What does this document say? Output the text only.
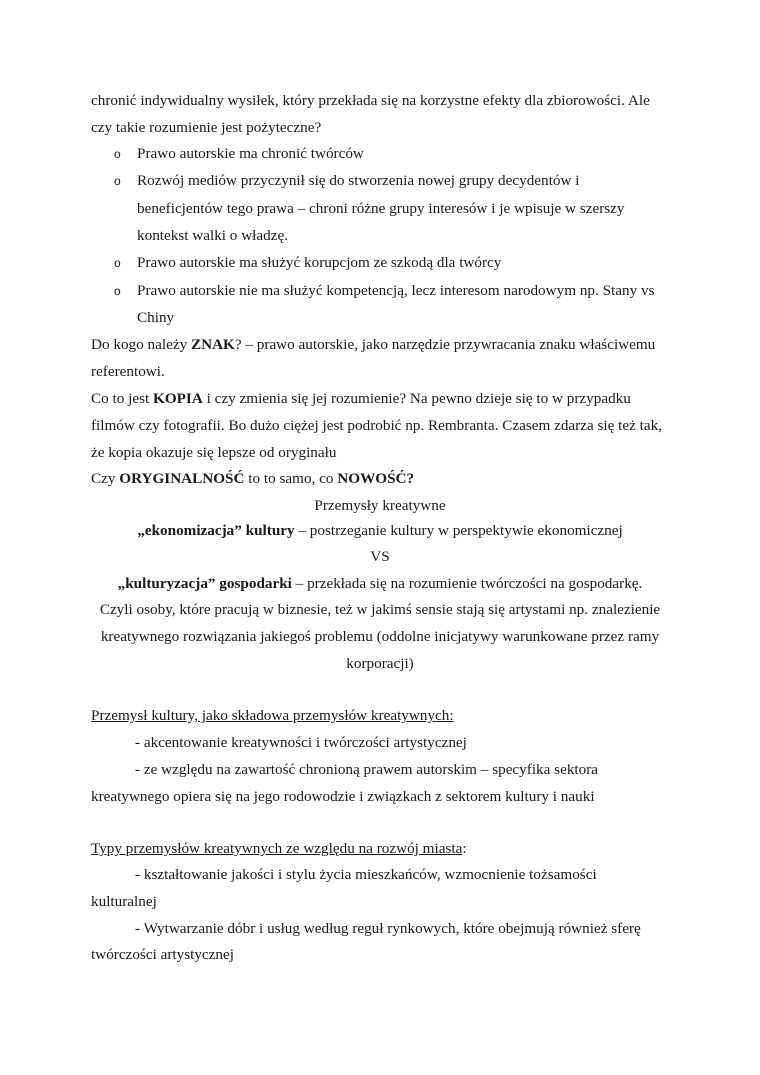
chronić indywidualny wysiłek, który przekłada się na korzystne efekty dla zbiorowości. Ale
czy takie rozumienie jest pożyteczne?
o Prawo autorskie ma chronić twórców
o Rozwój mediów przyczynił się do stworzenia nowej grupy decydentów i
beneficjentów tego prawa – chroni różne grupy interesów i je wpisuje w szerszy
kontekst walki o władzę.
o Prawo autorskie ma służyć korupcjom ze szkodą dla twórcy
o Prawo autorskie nie ma służyć kompetencją, lecz interesom narodowym np. Stany vs
Chiny
Do kogo należy ZNAK? – prawo autorskie, jako narzędzie przywracania znaku właściwemu
referentowi.
Co to jest KOPIA i czy zmienia się jej rozumienie? Na pewno dzieje się to w przypadku
filmów czy fotografii. Bo dużo ciężej jest podrobić np. Rembranta. Czasem zdarza się też tak,
że kopia okazuje się lepsze od oryginału
Czy ORYGINALNOŚĆ to to samo, co NOWOŚĆ?
Przemysły kreatywne
„ekonomizacja” kultury – postrzeganie kultury w perspektywie ekonomicznej
VS
„kulturyzacja” gospodarki – przekłada się na rozumienie twórczości na gospodarkę.
Czyli osoby, które pracują w biznesie, też w jakimś sensie stają się artystami np. znalezienie
kreatywnego rozwiązania jakiegoś problemu (oddolne inicjatywy warunkowane przez ramy
korporacji)
Przemysł kultury, jako składowa przemysłów kreatywnych:
- akcentowanie kreatywności i twórczości artystycznej
- ze względu na zawartość chronioną prawem autorskim – specyfika sektora
kreatywnego opiera się na jego rodowodzie i związkach z sektorem kultury i nauki
Typy przemysłów kreatywnych ze względu na rozwój miasta:
- kształtowanie jakości i stylu życia mieszkańców, wzmocnienie tożsamości
kulturalnej
- Wytwarzanie dóbr i usług według reguł rynkowych, które obejmują również sferę
twórczości artystycznej
